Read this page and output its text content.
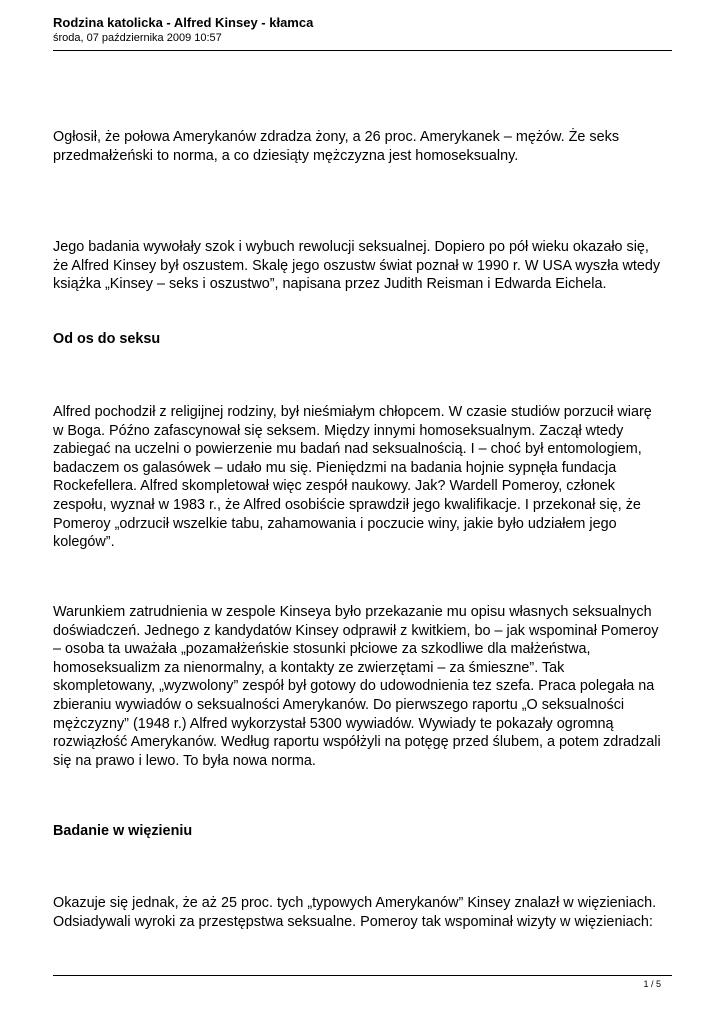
Rodzina katolicka - Alfred Kinsey - kłamca

środa, 07 października 2009 10:57

Ogłosił, że połowa Amerykanów zdradza żony, a 26 proc. Amerykanek – mężów. Że seks
przedmałżeński to norma, a co dziesiąty mężczyzna jest homoseksualny.

Jego badania wywołały szok i wybuch rewolucji seksualnej. Dopiero po pół wieku okazało się,
że Alfred Kinsey był oszustem. Skalę jego oszustw świat poznał w 1990 r. W USA wyszła wtedy
książka „Kinsey – seks i oszustwo”, napisana przez Judith Reisman i Edwarda Eichela.

Od os do seksu

Alfred pochodził z religijnej rodziny, był nieśmiałym chłopcem. W czasie studiów porzucił wiarę
w Boga. Późno zafascynował się seksem. Między innymi homoseksualnym. Zaczął wtedy
zabiegać na uczelni o powierzenie mu badań nad seksualnością. I – choć był entomologiem,
badaczem os galasówek – udało mu się. Pieniędzmi na badania hojnie sypnęła fundacja
Rockefellera. Alfred skompletował więc zespół naukowy. Jak? Wardell Pomeroy, członek
zespołu, wyznał w 1983 r., że Alfred osobiście sprawdził jego kwalifikacje. I przekonał się, że
Pomeroy „odrzucił wszelkie tabu, zahamowania i poczucie winy, jakie było udziałem jego
kolegów”.

Warunkiem zatrudnienia w zespole Kinseya było przekazanie mu opisu własnych seksualnych
doświadczeń. Jednego z kandydatów Kinsey odprawił z kwitkiem, bo – jak wspominał Pomeroy
– osoba ta uważała „pozamałżeńskie stosunki płciowe za szkodliwe dla małżeństwa,
homoseksualizm za nienormalny, a kontakty ze zwierzętami – za śmieszne”. Tak
skompletowany, „wyzwolony” zespół był gotowy do udowodnienia tez szefa. Praca polegała na
zbieraniu wywiadów o seksualności Amerykanów. Do pierwszego raportu „O seksualności
mężczyzny” (1948 r.) Alfred wykorzystał 5300 wywiadów. Wywiady te pokazały ogromną
rozwiązłość Amerykanów. Według raportu współżyli na potęgę przed ślubem, a potem zdradzali
się na prawo i lewo. To była nowa norma.

Badanie w więzieniu

Okazuje się jednak, że aż 25 proc. tych „typowych Amerykanów” Kinsey znalazł w więzieniach.
Odsiadywali wyroki za przestępstwa seksualne. Pomeroy tak wspominał wizyty w więzieniach:

1 / 5
